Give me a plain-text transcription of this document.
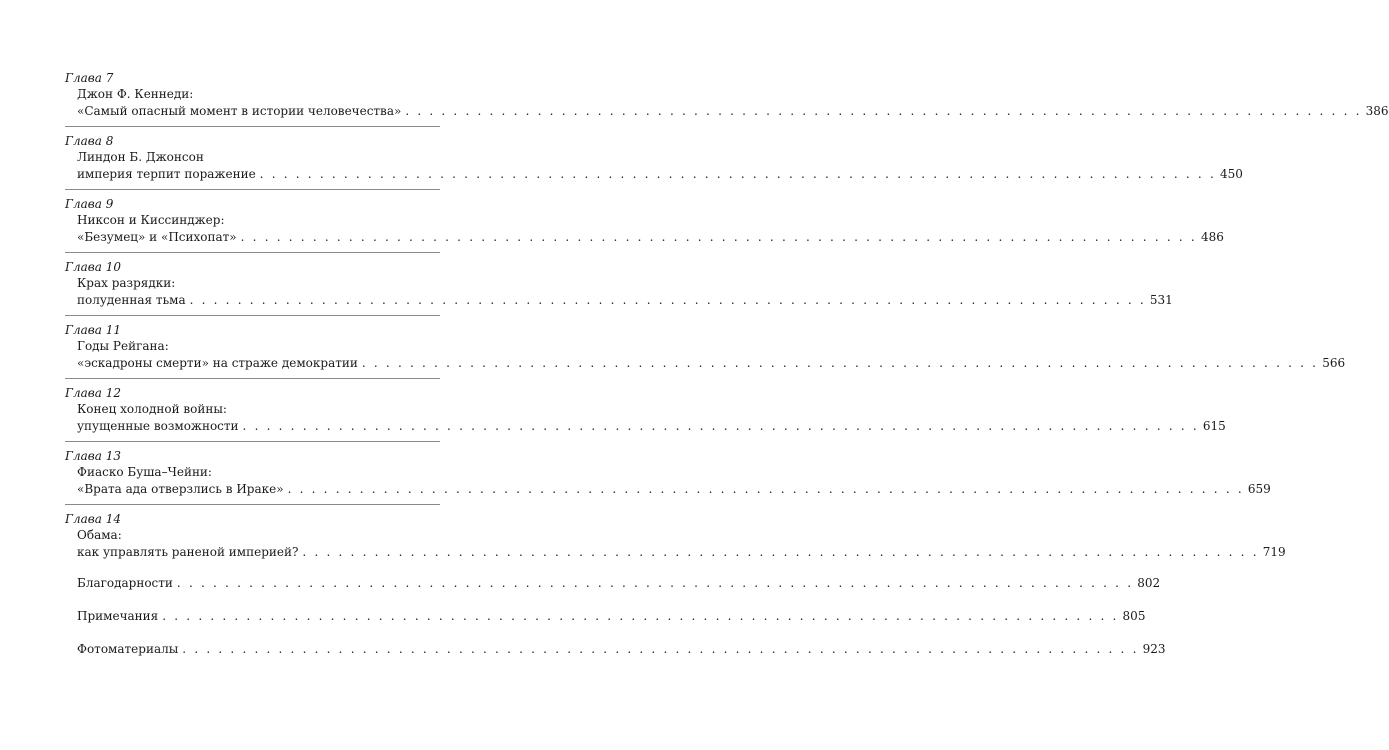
Глава 7
Джон Ф. Кеннеди:
«Самый опасный момент в истории человечества» . . . . . . . . . . . . . . . . . . . . . . . . . . . . . . . . . . . . . . . . . . . . . . . . . . . . . . . . . . . . . . . . . . . . . . . . . . . . . . . . 386
Глава 8
Линдон Б. Джонсон
империя терпит поражение . . . . . . . . . . . . . . . . . . . . . . . . . . . . . . . . . . . . . . . . . . . . . . . . . . . . . . . . . . . . . . . . . . . . . . . . . . . . . . . . 450
Глава 9
Никсон и Киссинджер:
«Безумец» и «Психопат» . . . . . . . . . . . . . . . . . . . . . . . . . . . . . . . . . . . . . . . . . . . . . . . . . . . . . . . . . . . . . . . . . . . . . . . . . . . . . . . . 486
Глава 10
Крах разрядки:
полуденная тьма . . . . . . . . . . . . . . . . . . . . . . . . . . . . . . . . . . . . . . . . . . . . . . . . . . . . . . . . . . . . . . . . . . . . . . . . . . . . . . . . 531
Глава 11
Годы Рейгана:
«эскадроны смерти» на страже демократии . . . . . . . . . . . . . . . . . . . . . . . . . . . . . . . . . . . . . . . . . . . . . . . . . . . . . . . . . . . . . . . . . . . . . . . . . . . . . . . . 566
Глава 12
Конец холодной войны:
упущенные возможности . . . . . . . . . . . . . . . . . . . . . . . . . . . . . . . . . . . . . . . . . . . . . . . . . . . . . . . . . . . . . . . . . . . . . . . . . . . . . . . . 615
Глава 13
Фиаско Буша–Чейни:
«Врата ада отверзлись в Ираке» . . . . . . . . . . . . . . . . . . . . . . . . . . . . . . . . . . . . . . . . . . . . . . . . . . . . . . . . . . . . . . . . . . . . . . . . . . . . . . . . 659
Глава 14
Обама:
как управлять раненой империей? . . . . . . . . . . . . . . . . . . . . . . . . . . . . . . . . . . . . . . . . . . . . . . . . . . . . . . . . . . . . . . . . . . . . . . . . . . . . . . . . 719
Благодарности . . . . . . . . . . . . . . . . . . . . . . . . . . . . . . . . . . . . . . . . . . . . . . . . . . . . . . . . . . . . . . . . . . . . . . . . . . . . . . . . 802
Примечания . . . . . . . . . . . . . . . . . . . . . . . . . . . . . . . . . . . . . . . . . . . . . . . . . . . . . . . . . . . . . . . . . . . . . . . . . . . . . . . . 805
Фотоматериалы . . . . . . . . . . . . . . . . . . . . . . . . . . . . . . . . . . . . . . . . . . . . . . . . . . . . . . . . . . . . . . . . . . . . . . . . . . . . . . . . 923
